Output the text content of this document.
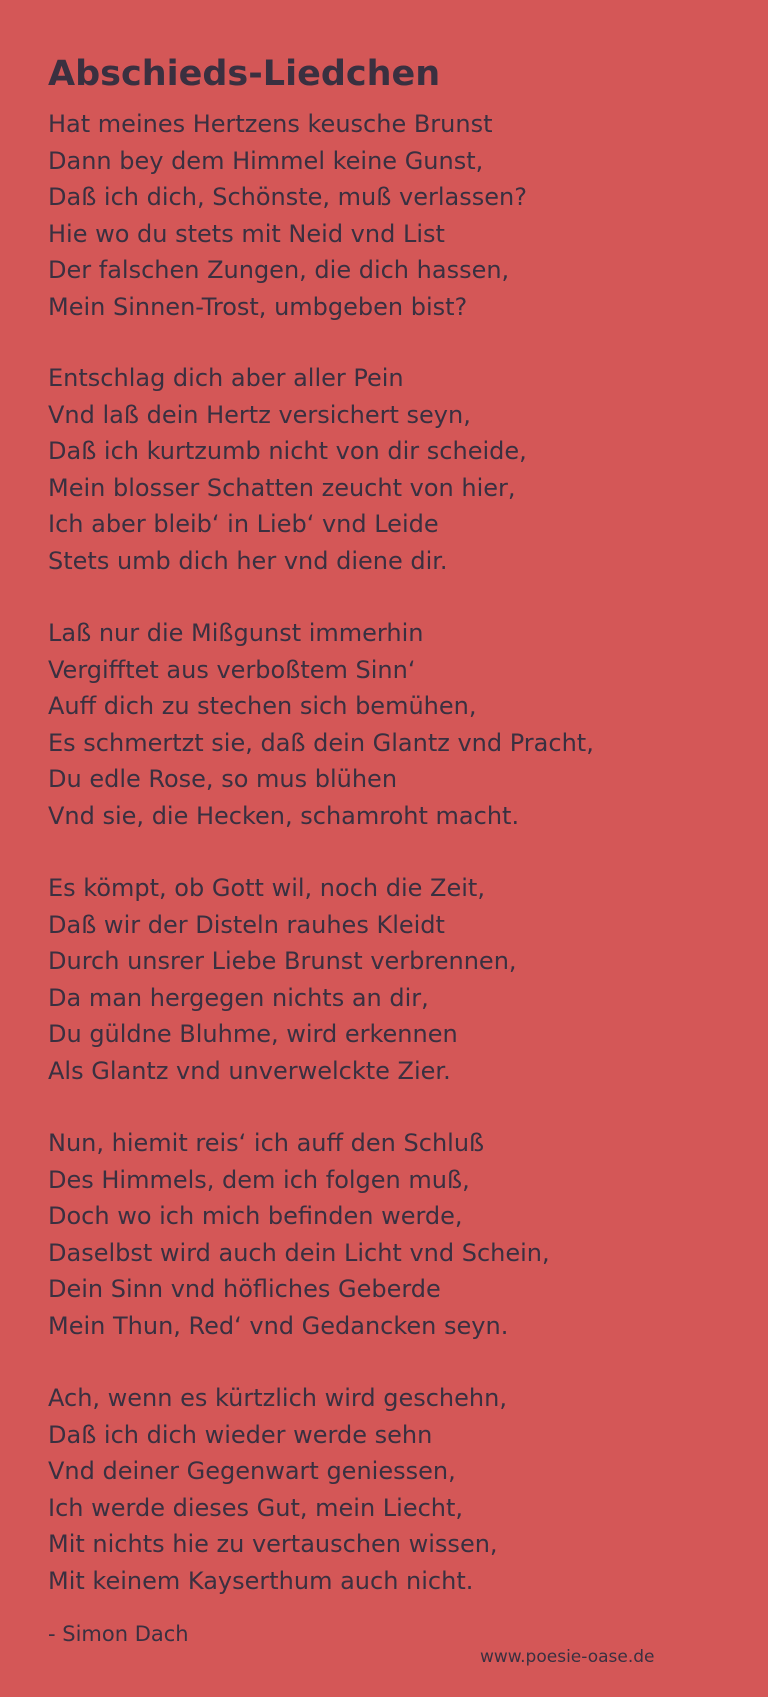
Abschieds-Liedchen
Hat meines Hertzens keusche Brunst
Dann bey dem Himmel keine Gunst,
Daß ich dich, Schönste, muß verlassen?
Hie wo du stets mit Neid vnd List
Der falschen Zungen, die dich hassen,
Mein Sinnen-Trost, umbgeben bist?
Entschlag dich aber aller Pein
Vnd laß dein Hertz versichert seyn,
Daß ich kurtzumb nicht von dir scheide,
Mein blosser Schatten zeucht von hier,
Ich aber bleib‘ in Lieb‘ vnd Leide
Stets umb dich her vnd diene dir.
Laß nur die Mißgunst immerhin
Vergifftet aus verboßtem Sinn‘
Auff dich zu stechen sich bemühen,
Es schmertzt sie, daß dein Glantz vnd Pracht,
Du edle Rose, so mus blühen
Vnd sie, die Hecken, schamroht macht.
Es kömpt, ob Gott wil, noch die Zeit,
Daß wir der Disteln rauhes Kleidt
Durch unsrer Liebe Brunst verbrennen,
Da man hergegen nichts an dir,
Du güldne Bluhme, wird erkennen
Als Glantz vnd unverwelckte Zier.
Nun, hiemit reis‘ ich auff den Schluß
Des Himmels, dem ich folgen muß,
Doch wo ich mich befinden werde,
Daselbst wird auch dein Licht vnd Schein,
Dein Sinn vnd höfliches Geberde
Mein Thun, Red‘ vnd Gedancken seyn.
Ach, wenn es kürtzlich wird geschehn,
Daß ich dich wieder werde sehn
Vnd deiner Gegenwart geniessen,
Ich werde dieses Gut, mein Liecht,
Mit nichts hie zu vertauschen wissen,
Mit keinem Kayserthum auch nicht.
- Simon Dach
www.poesie-oase.de
